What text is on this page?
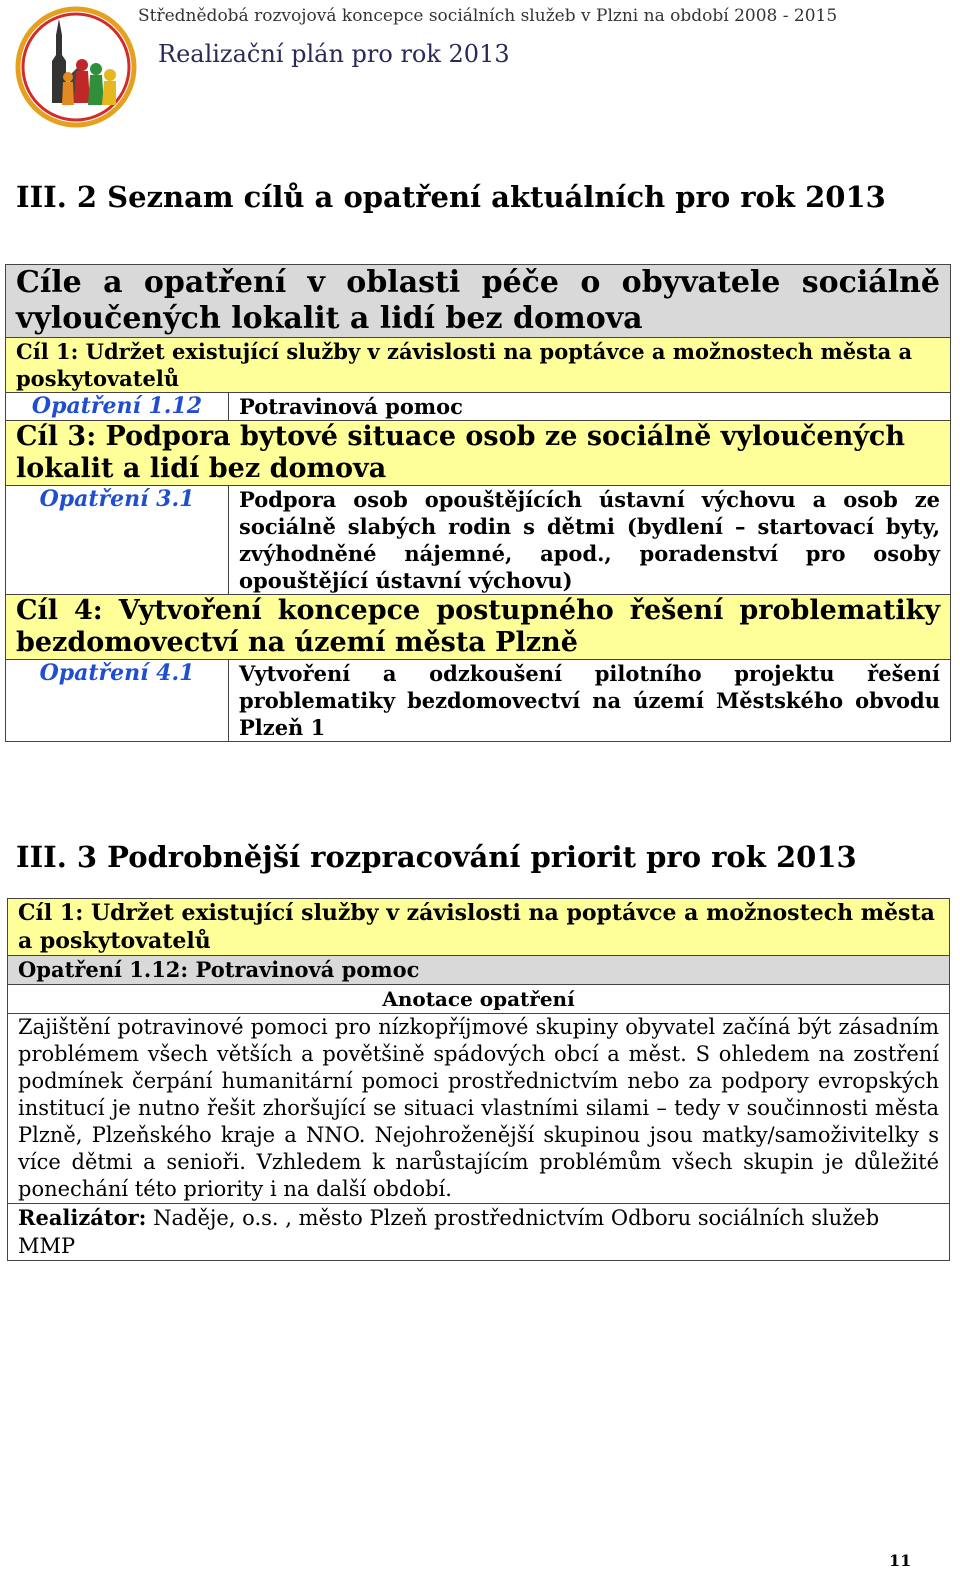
Střednědobá rozvojová koncepce sociálních služeb v Plzni na období 2008 - 2015
Realizační plán pro rok 2013
III. 2 Seznam cílů a opatření aktuálních pro rok 2013
Cíle a opatření v oblasti péče o obyvatele sociálně vyloučených lokalit a lidí bez domova	
Cíl 1: Udržet existující služby v závislosti na poptávce a možnostech města a poskytovatelů	
Opatření 1.12	Potravinová pomoc
Cíl 3: Podpora bytové situace osob ze sociálně vyloučených lokalit a lidí bez domova	
Opatření 3.1	Podpora osob opouštějících ústavní výchovu a osob ze sociálně slabých rodin s dětmi (bydlení – startovací byty, zvýhodněné nájemné, apod., poradenství pro osoby opouštějící ústavní výchovu)
Cíl 4: Vytvoření koncepce postupného řešení problematiky bezdomovectví na území města Plzně	
Opatření 4.1	Vytvoření a odzkoušení pilotního projektu řešení problematiky bezdomovectví na území Městského obvodu Plzeň 1
III. 3 Podrobnější rozpracování priorit pro rok 2013
Cíl 1: Udržet existující služby v závislosti na poptávce a možnostech města a poskytovatelů
Opatření 1.12: Potravinová pomoc
Anotace opatření
Zajištění potravinové pomoci pro nízkopříjmové skupiny obyvatel začíná být zásadním problémem všech větších a povětšině spádových obcí a měst. S ohledem na zostření podmínek čerpání humanitární pomoci prostřednictvím nebo za podpory evropských institucí je nutno řešit zhoršující se situaci vlastními silami – tedy v součinnosti města Plzně, Plzeňského kraje a NNO. Nejohroženější skupinou jsou matky/samoživitelky s více dětmi a senioři. Vzhledem k narůstajícím problémům všech skupin je důležité ponechání této priority i na další období.
Realizátor: Naděje, o.s. , město Plzeň prostřednictvím Odboru sociálních služeb MMP
11
